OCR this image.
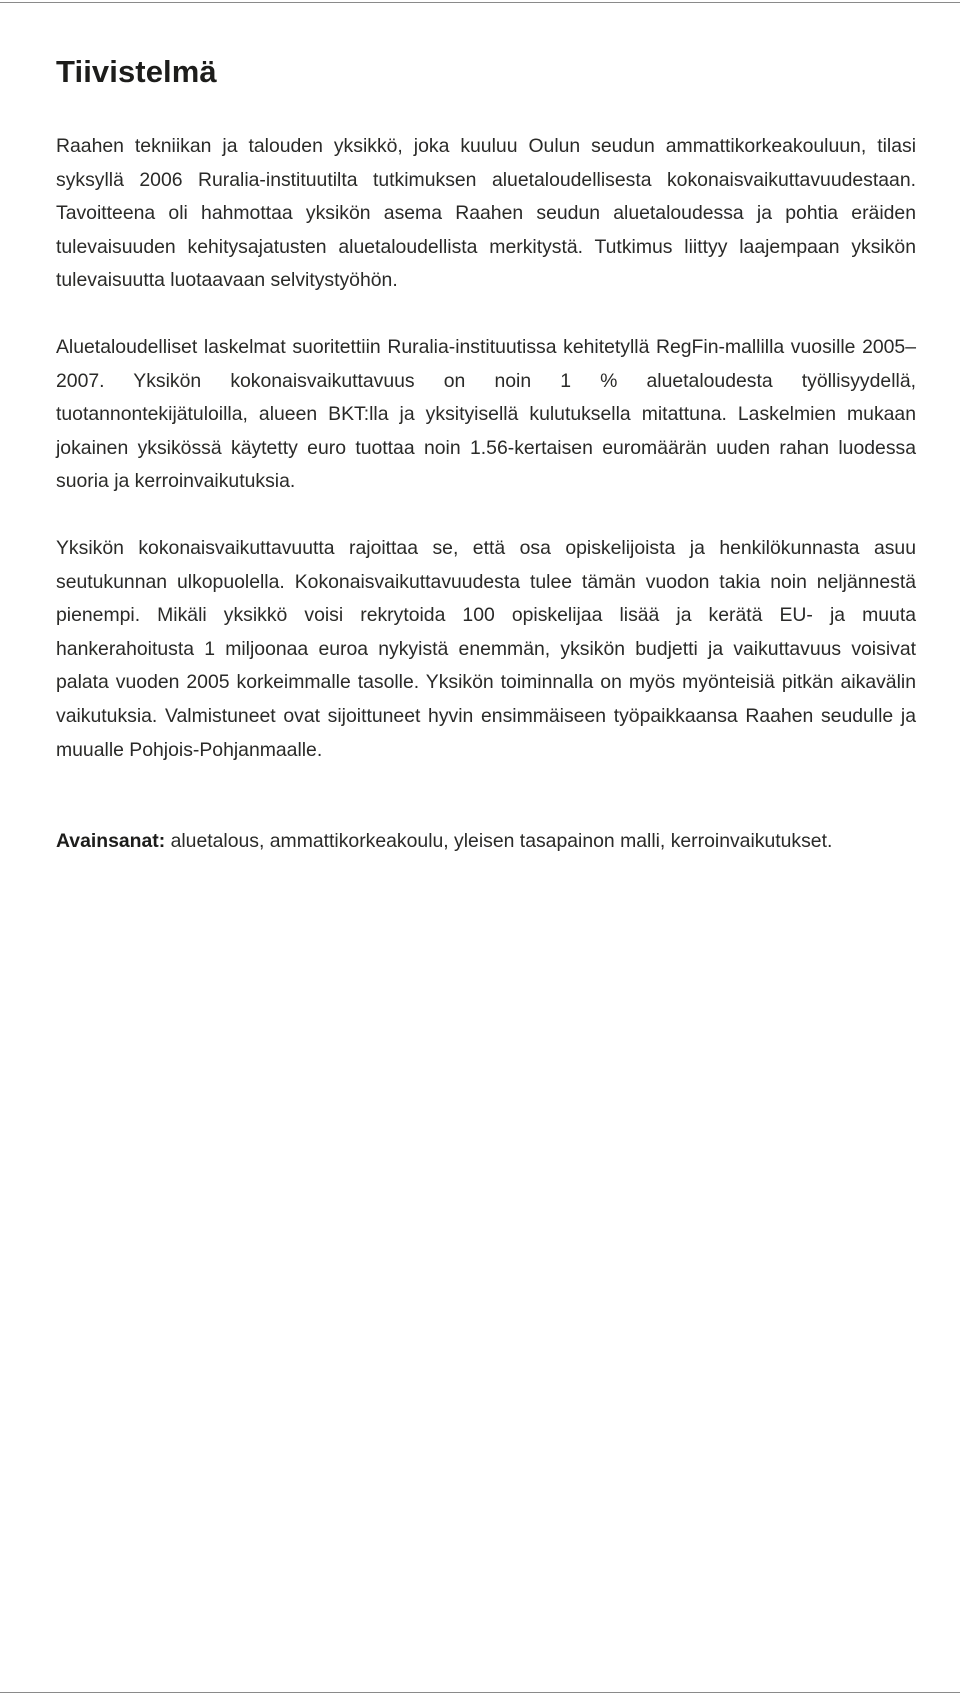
Tiivistelmä

Raahen tekniikan ja talouden yksikkö, joka kuuluu Oulun seudun ammattikorkeakouluun, tilasi syksyllä 2006 Ruralia-instituutilta tutkimuksen aluetaloudellisesta kokonaisvaikuttavuudestaan. Tavoitteena oli hahmottaa yksikön asema Raahen seudun aluetaloudessa ja pohtia eräiden tulevaisuuden kehitysajatusten aluetaloudellista merkitystä. Tutkimus liittyy laajempaan yksikön tulevaisuutta luotaavaan selvitystyöhön.

Aluetaloudelliset laskelmat suoritettiin Ruralia-instituutissa kehitetyllä RegFin-mallilla vuosille 2005–2007. Yksikön kokonaisvaikuttavuus on noin 1 % aluetaloudesta työllisyydellä, tuotannontekijätuloilla, alueen BKT:lla ja yksityisellä kulutuksella mitattuna. Laskelmien mukaan jokainen yksikössä käytetty euro tuottaa noin 1.56-kertaisen euromäärän uuden rahan luodessa suoria ja kerroinvaikutuksia.

Yksikön kokonaisvaikuttavuutta rajoittaa se, että osa opiskelijoista ja henkilökunnasta asuu seutukunnan ulkopuolella. Kokonaisvaikuttavuudesta tulee tämän vuodon takia noin neljännestä pienempi. Mikäli yksikkö voisi rekrytoida 100 opiskelijaa lisää ja kerätä EU- ja muuta hankerahoitusta 1 miljoonaa euroa nykyistä enemmän, yksikön budjetti ja vaikuttavuus voisivat palata vuoden 2005 korkeimmalle tasolle. Yksikön toiminnalla on myös myönteisiä pitkän aikavälin vaikutuksia. Valmistuneet ovat sijoittuneet hyvin ensimmäiseen työpaikkaansa Raahen seudulle ja muualle Pohjois-Pohjanmaalle.

Avainsanat: aluetalous, ammattikorkeakoulu, yleisen tasapainon malli, kerroinvaikutukset.
